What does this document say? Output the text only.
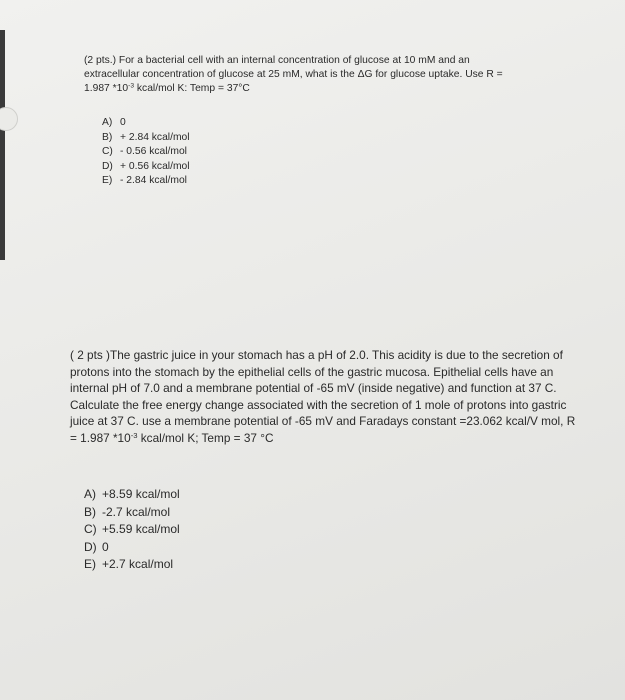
(2 pts.) For a bacterial cell with an internal concentration of glucose at 10 mM and an

extracellular concentration of glucose at 25 mM, what is the ΔG for glucose uptake. Use R =

1.987 $*10^{-3}$ kcal/mol K: Temp = 37°C

A) 0
B) + 2.84 kcal/mol
C) - 0.56 kcal/mol
D) + 0.56 kcal/mol
E) - 2.84 kcal/mol

( 2 pts )The gastric juice in your stomach has a pH of 2.0. This acidity is due to the secretion of

protons into the stomach by the epithelial cells of the gastric mucosa. Epithelial cells have an

internal pH of 7.0 and a membrane potential of -65 mV (inside negative) and function at 37 C.

Calculate the free energy change associated with the secretion of 1 mole of protons into gastric

juice at 37 C. use a membrane potential of -65 mV and Faradays constant =23.062 kcal/V mol, R

= 1.987 $*10^{-3}$ kcal/mol K; Temp = 37 °C

A) +8.59 kcal/mol
B) -2.7 kcal/mol
C) +5.59 kcal/mol
D) 0
E) +2.7 kcal/mol
